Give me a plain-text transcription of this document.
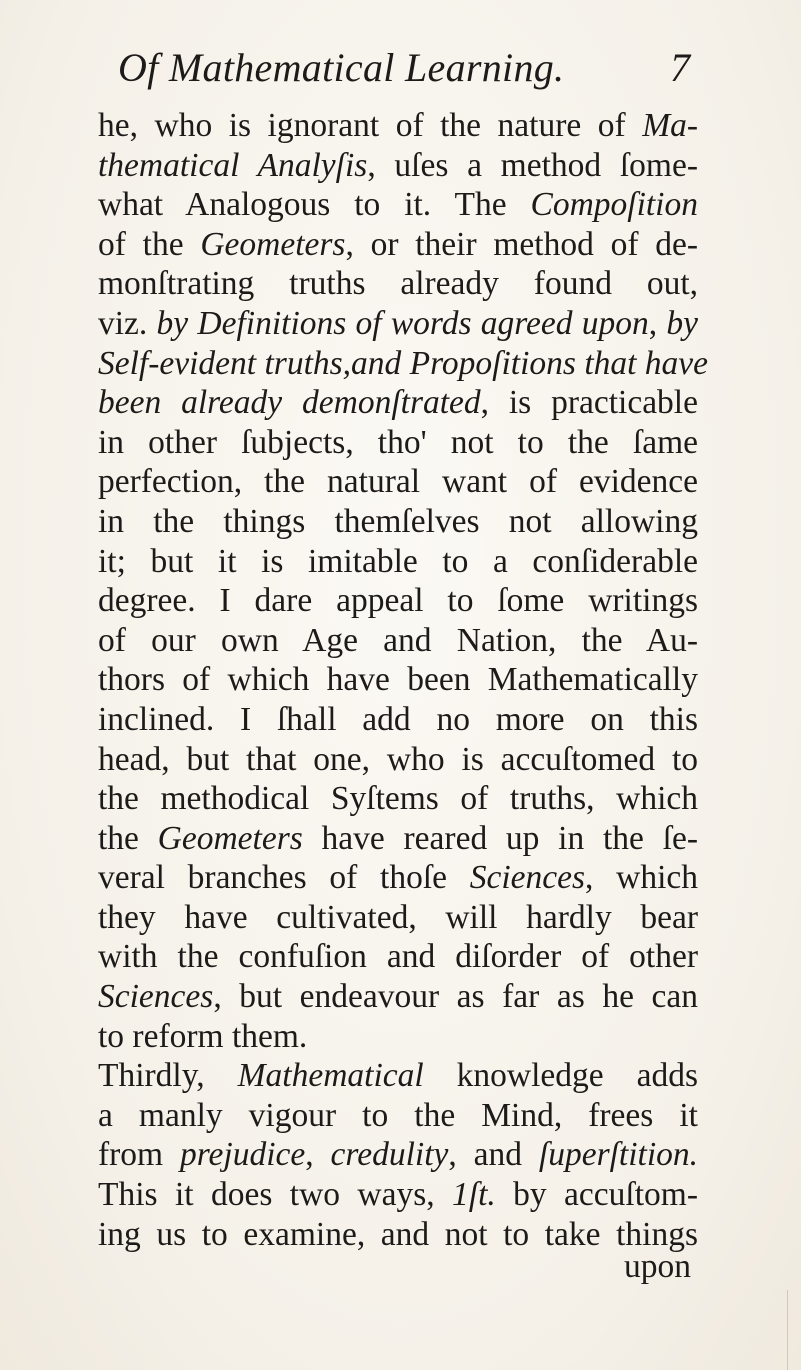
Of Mathematical Learning.	7
he, who is ignorant of the nature of Ma-
thematical Analyſis, uſes a method ſome-
what Analogous to it. The Compoſition
of the Geometers, or their method of de-
monſtrating truths already found out,
viz. by Definitions of words agreed upon, by
Self-evident truths,and Propoſitions that have
been already demonſtrated, is practicable
in other ſubjects, tho' not to the ſame
perfection, the natural want of evidence
in the things themſelves not allowing
it; but it is imitable to a conſiderable
degree. I dare appeal to ſome writings
of our own Age and Nation, the Au-
thors of which have been Mathematically
inclined. I ſhall add no more on this
head, but that one, who is accuſtomed to
the methodical Syſtems of truths, which
the Geometers have reared up in the ſe-
veral branches of thoſe Sciences, which
they have cultivated, will hardly bear
with the confuſion and diſorder of other
Sciences, but endeavour as far as he can
to reform them.
Thirdly, Mathematical knowledge adds
a manly vigour to the Mind, frees it
from prejudice, credulity, and ſuperſtition.
This it does two ways, 1ſt. by accuſtom-
ing us to examine, and not to take things
upon
